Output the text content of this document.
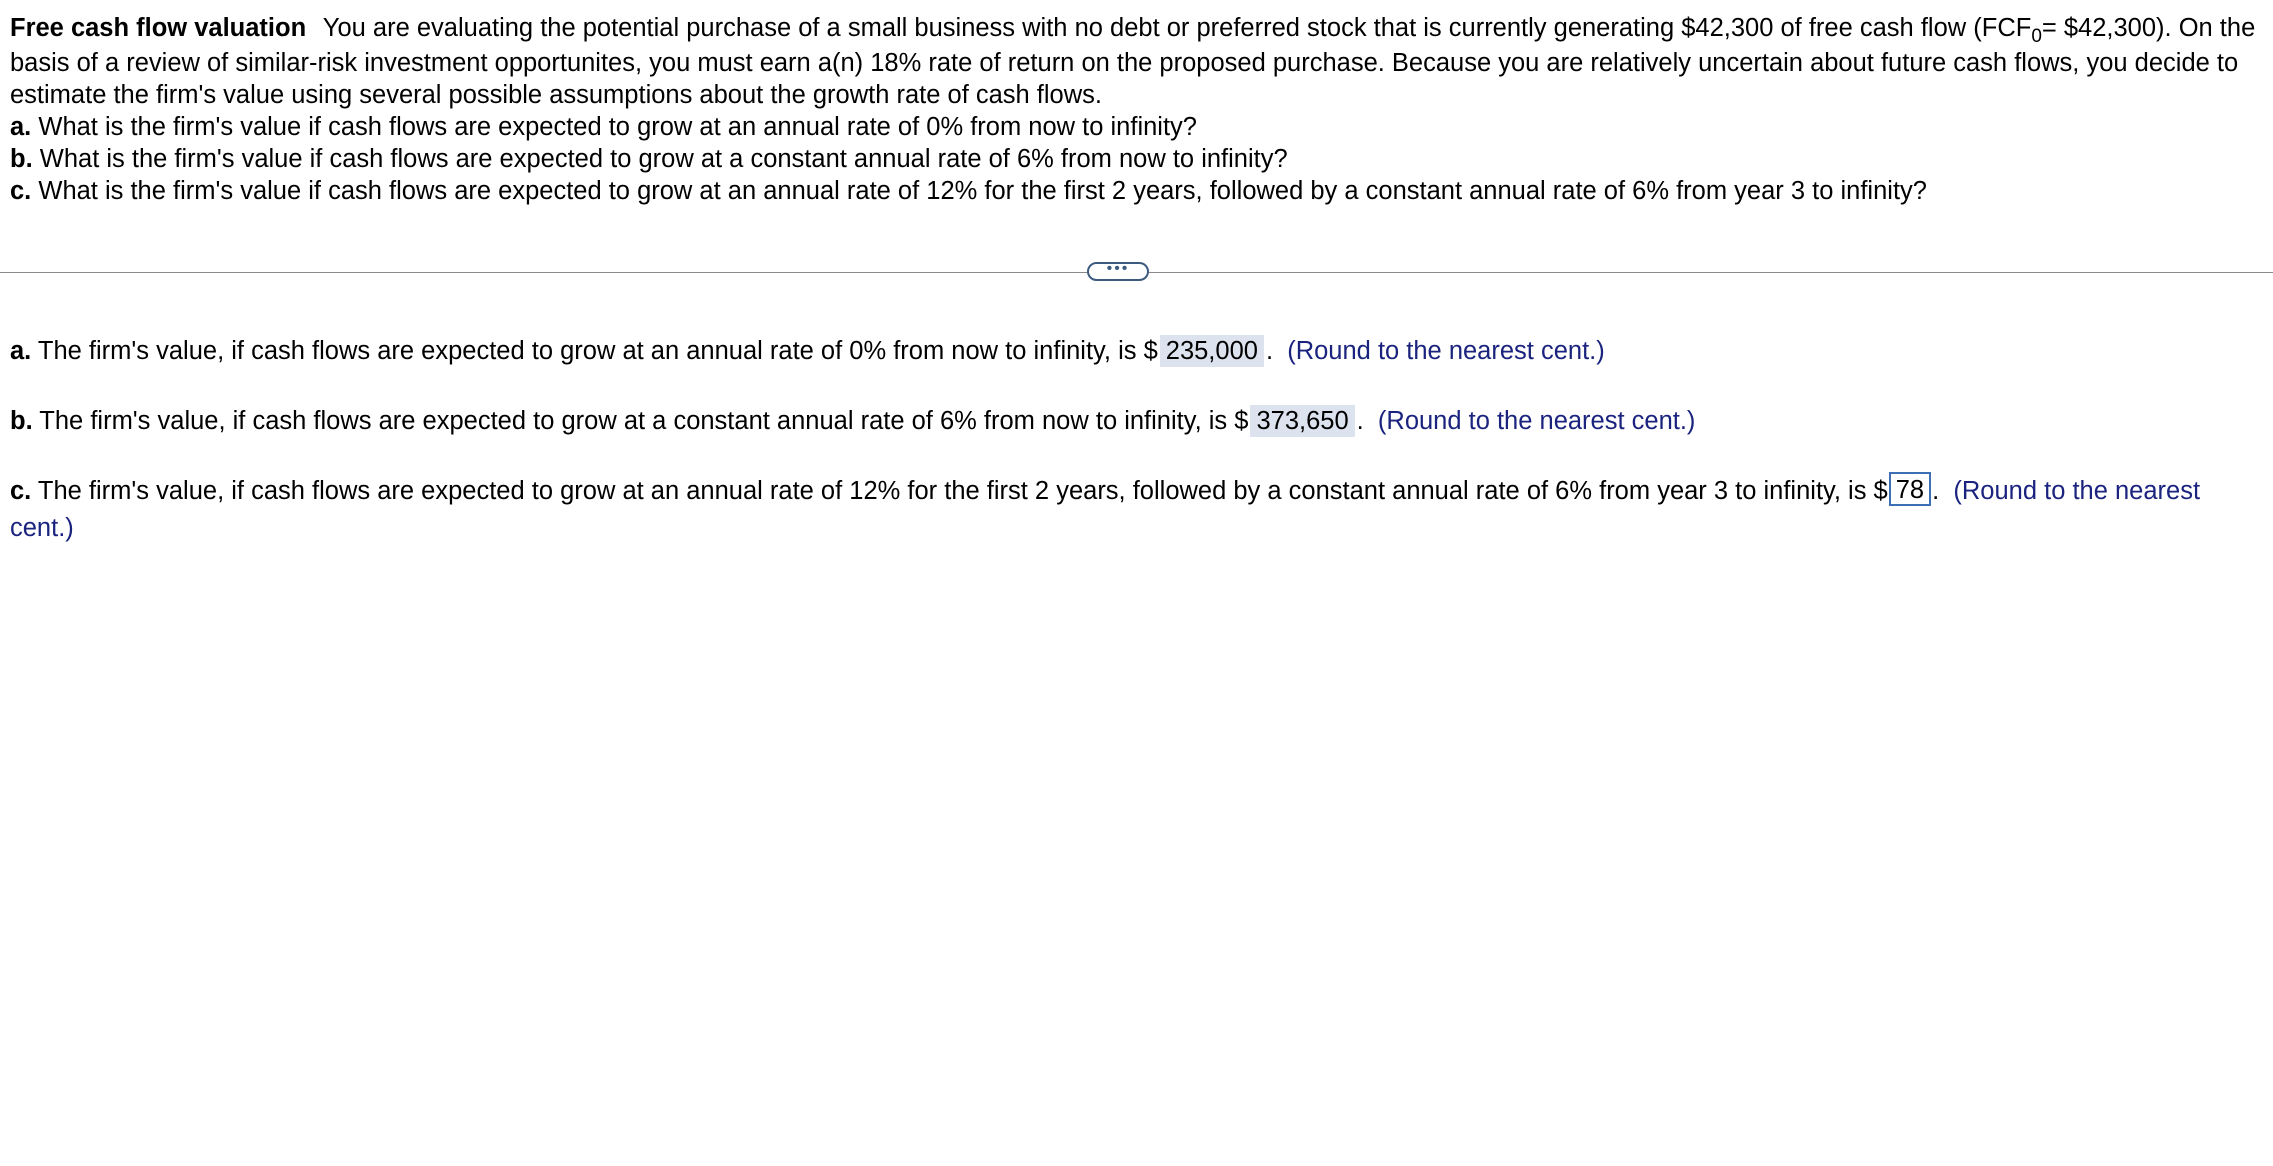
Free cash flow valuation You are evaluating the potential purchase of a small business with no debt or preferred stock that is currently generating $42,300 of free cash flow ($FCF_0=$ $42,300). On the basis of a review of similar-risk investment opportunites, you must earn a(n) 18% rate of return on the proposed purchase. Because you are relatively uncertain about future cash flows, you decide to estimate the firm's value using several possible assumptions about the growth rate of cash flows.
a. What is the firm's value if cash flows are expected to grow at an annual rate of 0% from now to infinity?
b. What is the firm's value if cash flows are expected to grow at a constant annual rate of 6% from now to infinity?
c. What is the firm's value if cash flows are expected to grow at an annual rate of 12% for the first 2 years, followed by a constant annual rate of 6% from year 3 to infinity?
•••
a. The firm's value, if cash flows are expected to grow at an annual rate of 0% from now to infinity, is $ 235,000 . (Round to the nearest cent.)
b. The firm's value, if cash flows are expected to grow at a constant annual rate of 6% from now to infinity, is $ 373,650 . (Round to the nearest cent.)
c. The firm's value, if cash flows are expected to grow at an annual rate of 12% for the first 2 years, followed by a constant annual rate of 6% from year 3 to infinity, is $ 78 . (Round to the nearest cent.)
